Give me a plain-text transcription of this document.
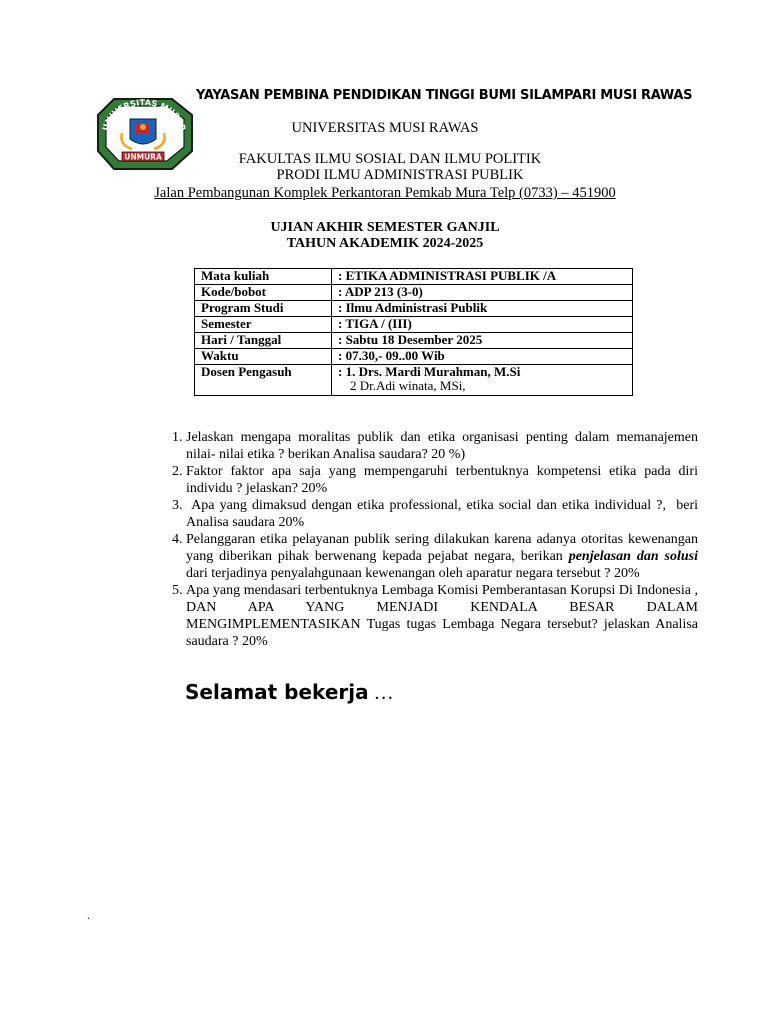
YAYASAN PEMBINA PENDIDIKAN TINGGI BUMI SILAMPARI MUSI RAWAS
UNIVERSITAS MUSI R
UNMURA
UNIVERSITAS MUSI RAWAS
FAKULTAS ILMU SOSIAL DAN ILMU POLITIK
PRODI ILMU ADMINISTRASI PUBLIK
Jalan Pembangunan Komplek Perkantoran Pemkab Mura Telp (0733) – 451900
UJIAN AKHIR SEMESTER GANJIL
TAHUN AKADEMIK 2024-2025
Mata kuliah	: ETIKA ADMINISTRASI PUBLIK /A
Kode/bobot	: ADP 213 (3-0)
Program Studi	: Ilmu Administrasi Publik
Semester	: TIGA / (III)
Hari / Tanggal	: Sabtu 18 Desember 2025
Waktu	: 07.30,- 09..00 Wib
Dosen Pengasuh	: 1. Drs. Mardi Murahman, M.Si
2 Dr.Adi winata, MSi,
1. Jelaskan mengapa moralitas publik dan etika organisasi penting dalam memanajemen nilai- nilai etika ? berikan Analisa saudara? 20 %)
2. Faktor faktor apa saja yang mempengaruhi terbentuknya kompetensi etika pada diri individu ? jelaskan? 20%
3.  Apa yang dimaksud dengan etika professional, etika social dan etika individual ?,  beri Analisa saudara 20%
4. Pelanggaran etika pelayanan publik sering dilakukan karena adanya otoritas kewenangan yang diberikan pihak berwenang kepada pejabat negara, berikan penjelasan dan solusi dari terjadinya penyalahgunaan kewenangan oleh aparatur negara tersebut ? 20%
5. Apa yang mendasari terbentuknya Lembaga Komisi Pemberantasan Korupsi Di Indonesia , DAN APA YANG MENJADI KENDALA BESAR DALAM MENGIMPLEMENTASIKAN Tugas tugas Lembaga Negara tersebut? jelaskan Analisa saudara ? 20%
Selamat bekerja …
.
